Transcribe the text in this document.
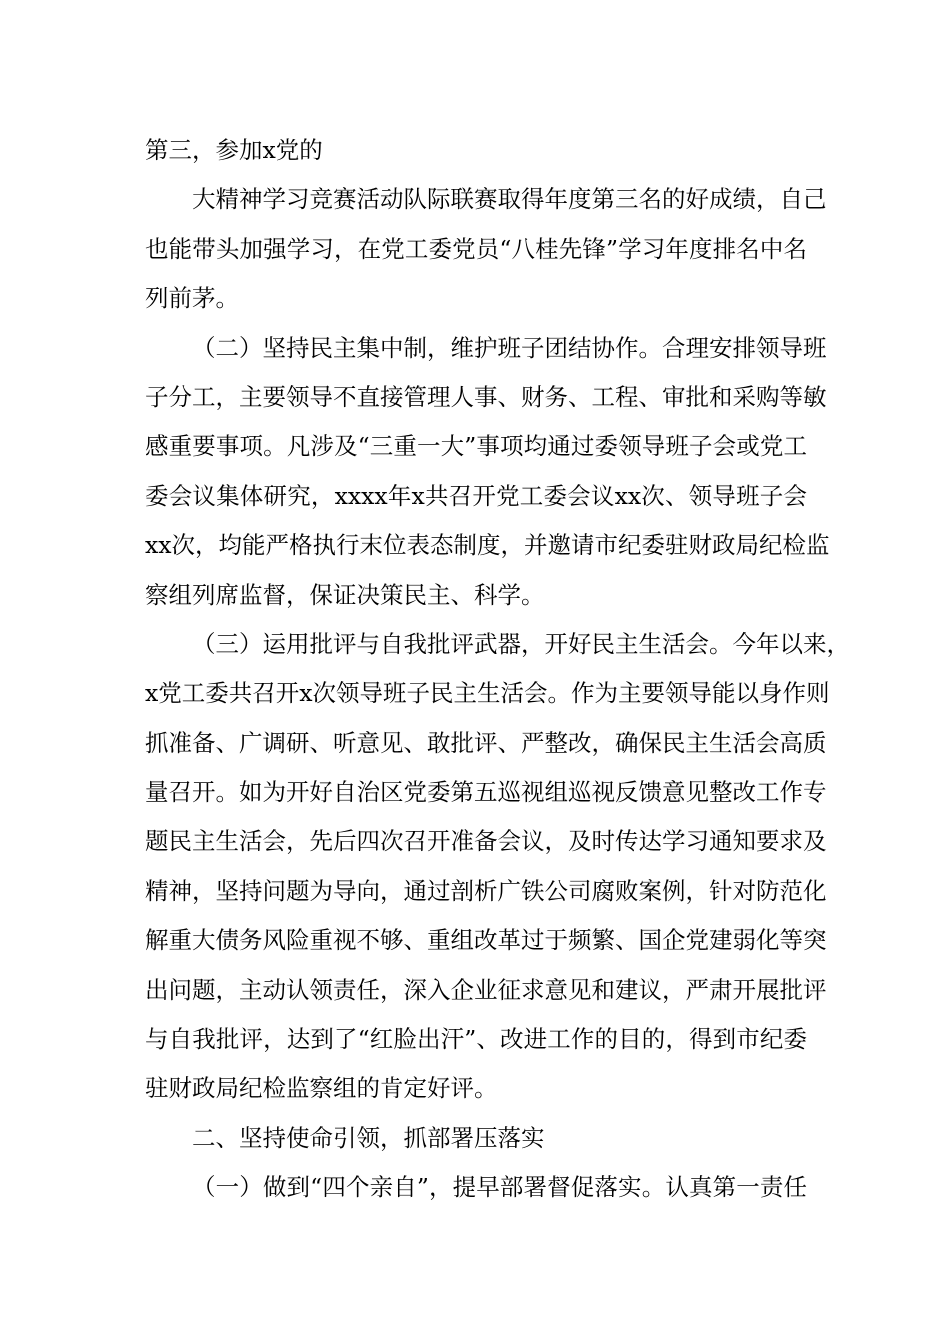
第三，参加x党的
大精神学习竞赛活动队际联赛取得年度第三名的好成绩，自己
也能带头加强学习，在党工委党员“八桂先锋”学习年度排名中名
列前茅。
（二）坚持民主集中制，维护班子团结协作。合理安排领导班
子分工，主要领导不直接管理人事、财务、工程、审批和采购等敏
感重要事项。凡涉及“三重一大”事项均通过委领导班子会或党工
委会议集体研究，xxxx年x共召开党工委会议xx次、领导班子会
xx次，均能严格执行末位表态制度，并邀请市纪委驻财政局纪检监
察组列席监督，保证决策民主、科学。
（三）运用批评与自我批评武器，开好民主生活会。今年以来，
x党工委共召开x次领导班子民主生活会。作为主要领导能以身作则
抓准备、广调研、听意见、敢批评、严整改，确保民主生活会高质
量召开。如为开好自治区党委第五巡视组巡视反馈意见整改工作专
题民主生活会，先后四次召开准备会议，及时传达学习通知要求及
精神，坚持问题为导向，通过剖析广铁公司腐败案例，针对防范化
解重大债务风险重视不够、重组改革过于频繁、国企党建弱化等突
出问题，主动认领责任，深入企业征求意见和建议，严肃开展批评
与自我批评，达到了“红脸出汗”、改进工作的目的，得到市纪委
驻财政局纪检监察组的肯定好评。
二、坚持使命引领，抓部署压落实
（一）做到“四个亲自”，提早部署督促落实。认真第一责任
